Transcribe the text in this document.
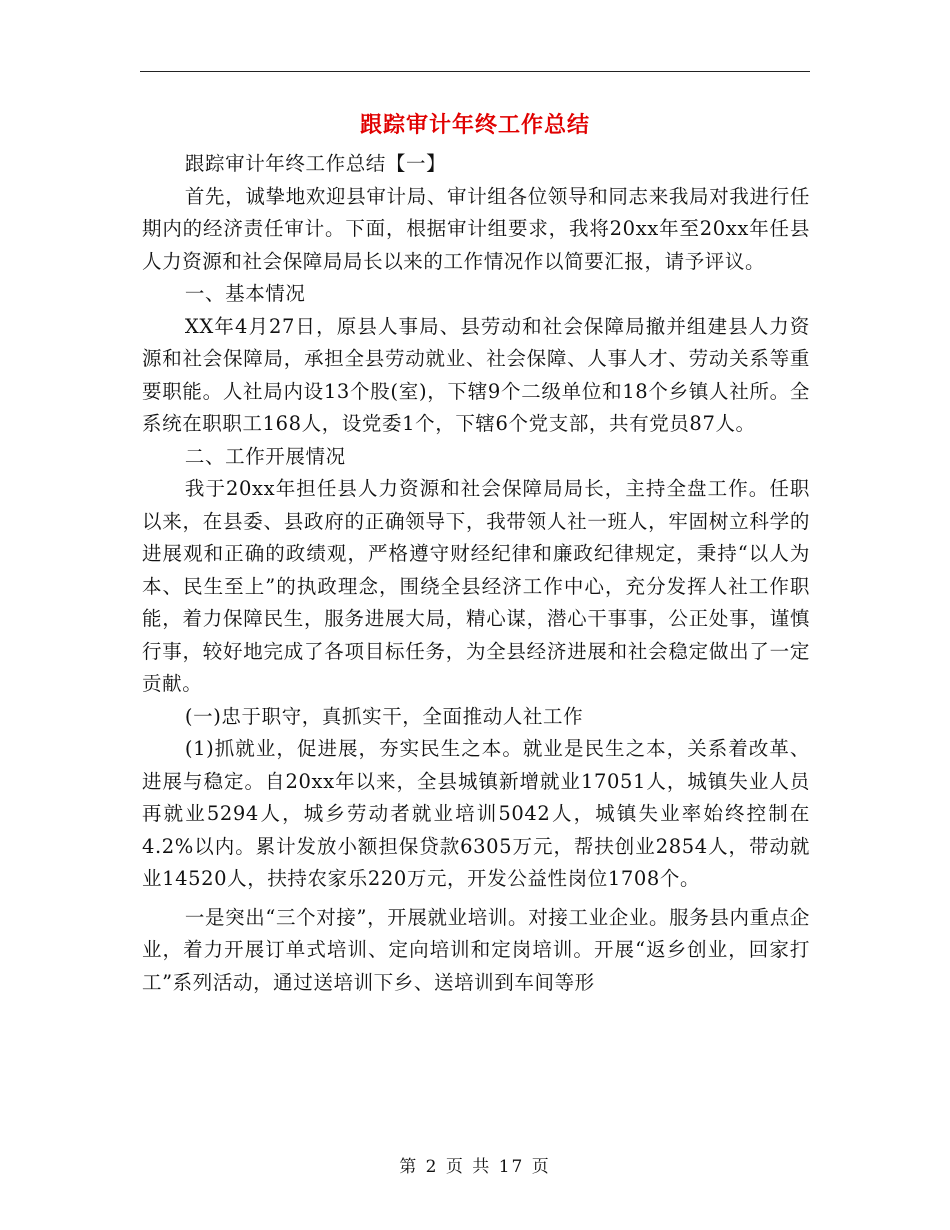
跟踪审计年终工作总结

跟踪审计年终工作总结【一】

首先，诚挚地欢迎县审计局、审计组各位领导和同志来我局对我进行任期内的经济责任审计。下面，根据审计组要求，我将20xx年至20xx年任县人力资源和社会保障局局长以来的工作情况作以简要汇报，请予评议。

一、基本情况

XX年4月27日，原县人事局、县劳动和社会保障局撤并组建县人力资源和社会保障局，承担全县劳动就业、社会保障、人事人才、劳动关系等重要职能。人社局内设13个股(室)，下辖9个二级单位和18个乡镇人社所。全系统在职职工168人，设党委1个，下辖6个党支部，共有党员87人。

二、工作开展情况

我于20xx年担任县人力资源和社会保障局局长，主持全盘工作。任职以来，在县委、县政府的正确领导下，我带领人社一班人，牢固树立科学的进展观和正确的政绩观，严格遵守财经纪律和廉政纪律规定，秉持“以人为本、民生至上”的执政理念，围绕全县经济工作中心，充分发挥人社工作职能，着力保障民生，服务进展大局，精心谋，潜心干事事，公正处事，谨慎行事，较好地完成了各项目标任务，为全县经济进展和社会稳定做出了一定贡献。

(一)忠于职守，真抓实干，全面推动人社工作

(1)抓就业，促进展，夯实民生之本。就业是民生之本，关系着改革、进展与稳定。自20xx年以来，全县城镇新增就业17051人，城镇失业人员再就业5294人，城乡劳动者就业培训5042人，城镇失业率始终控制在4.2%以内。累计发放小额担保贷款6305万元，帮扶创业2854人，带动就业14520人，扶持农家乐220万元，开发公益性岗位1708个。

一是突出“三个对接”，开展就业培训。对接工业企业。服务县内重点企业，着力开展订单式培训、定向培训和定岗培训。开展“返乡创业，回家打工”系列活动，通过送培训下乡、送培训到车间等形

第 2 页 共 17 页
